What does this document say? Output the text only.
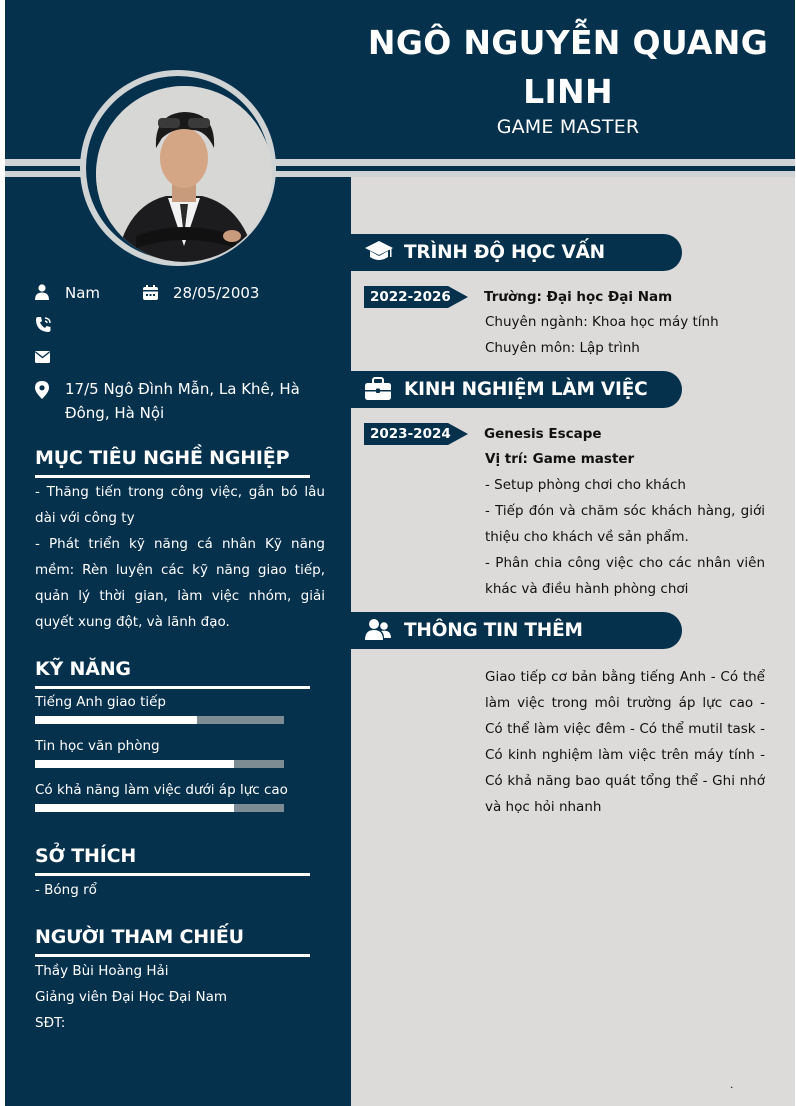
NGÔ NGUYỄN QUANG LINH
GAME MASTER
Nam	28/05/2003
17/5 Ngô Đình Mẫn, La Khê, Hà Đông, Hà Nội
MỤC TIÊU NGHỀ NGHIỆP
- Thăng tiến trong công việc, gắn bó lâu dài với công ty
- Phát triển kỹ năng cá nhân Kỹ năng mềm: Rèn luyện các kỹ năng giao tiếp, quản lý thời gian, làm việc nhóm, giải quyết xung đột, và lãnh đạo.
KỸ NĂNG
Tiếng Anh giao tiếp
Tin học văn phòng
Có khả năng làm việc dưới áp lực cao
SỞ THÍCH
- Bóng rổ
NGƯỜI THAM CHIẾU
Thầy Bùi Hoàng Hải
Giảng viên Đại Học Đại Nam
SĐT:
TRÌNH ĐỘ HỌC VẤN
2022-2026 Trường: Đại học Đại Nam
Chuyên ngành: Khoa học máy tính
Chuyên môn: Lập trình
KINH NGHIỆM LÀM VIỆC
2023-2024 Genesis Escape
Vị trí: Game master
- Setup phòng chơi cho khách
- Tiếp đón và chăm sóc khách hàng, giới thiệu cho khách về sản phẩm.
- Phân chia công việc cho các nhân viên khác và điều hành phòng chơi
THÔNG TIN THÊM
Giao tiếp cơ bản bằng tiếng Anh - Có thể làm việc trong môi trường áp lực cao - Có thể làm việc đêm - Có thể mutil task - Có kinh nghiệm làm việc trên máy tính - Có khả năng bao quát tổng thể - Ghi nhớ và học hỏi nhanh
.
